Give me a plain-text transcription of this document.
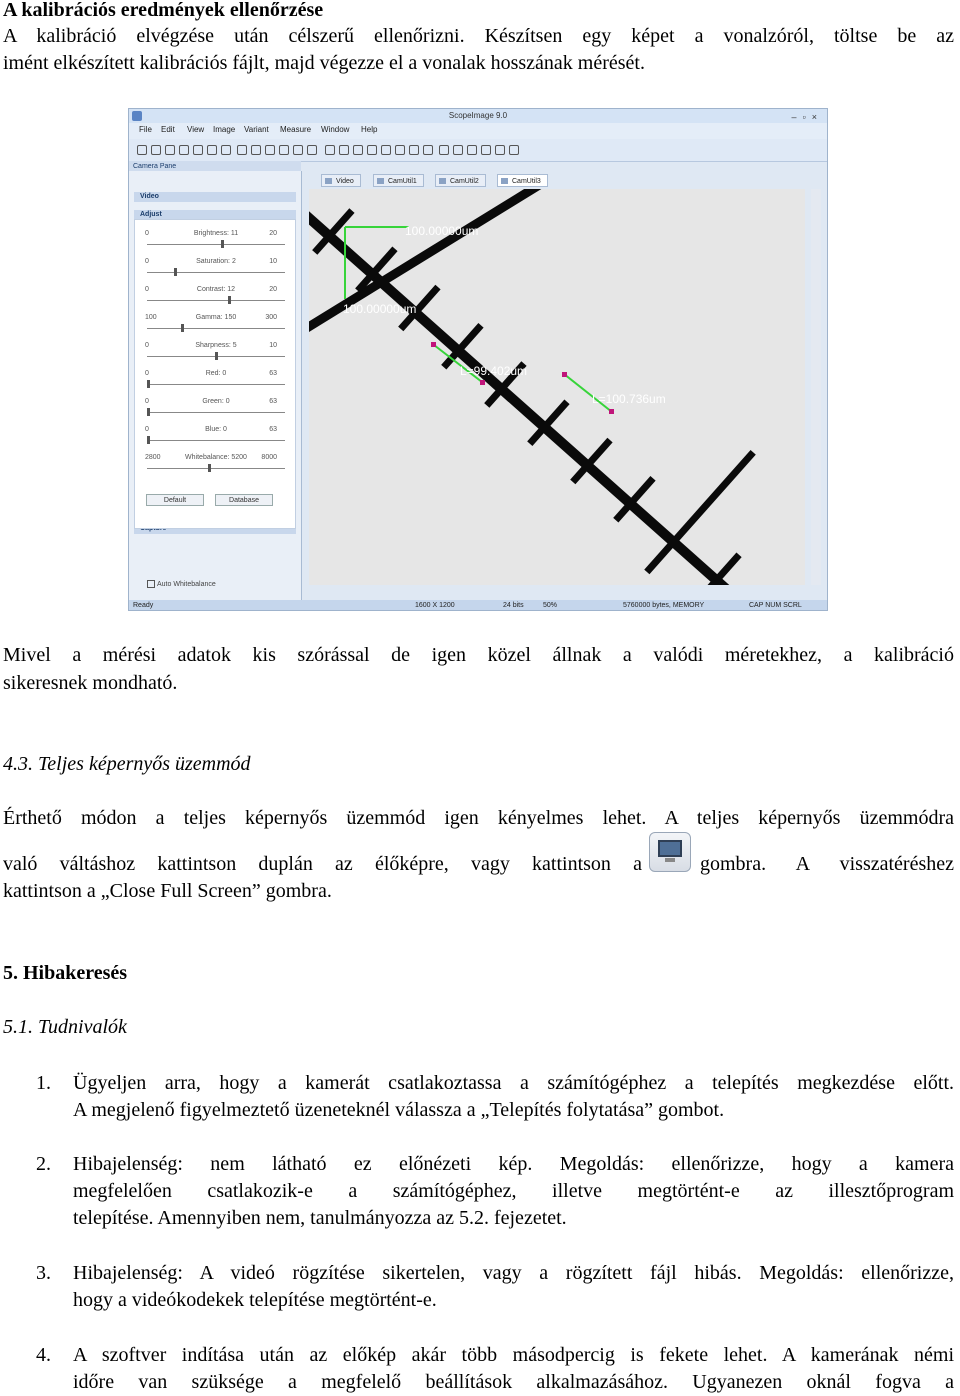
A kalibrációs eredmények ellenőrzése
A kalibráció elvégzése után célszerű ellenőrizni. Készítsen egy képet a vonalzóról, töltse be az
imént elkészített kalibrációs fájlt, majd végezze el a vonalak hosszának mérését.
ScopeImage 9.0	–▫×
File Edit View Image Variant Measure Window Help
Camera Pane
Video
Adjust
Auto Whitebalance
0	Brightness: 11	20
0	Saturation: 2	10
0	Contrast: 12	20
100	Gamma: 150	300
0	Sharpness: 5	10
0	Red: 0	63
0	Green: 0	63
0	Blue: 0	63
2800	Whitebalance: 5200	8000
Default	Database
Video	CamUtil1	CamUtil2	CamUtil3
100.00000um
100.00000um
L=99.402um
L=100.736um
Ready	1600 X 1200	24 bits	50%	5760000 bytes, MEMORY	CAP NUM SCRL
Mivel a mérési adatok kis szórással de igen közel állnak a valódi méretekhez, a kalibráció
sikeresnek mondható.
4.3. Teljes képernyős üzemmód
Érthető módon a teljes képernyős üzemmód igen kényelmes lehet. A teljes képernyős üzemmódra
való váltáshoz kattintson duplán az élőképre, vagy kattintson a	gombra. A visszatéréshez
kattintson a „Close Full Screen” gombra.
5. Hibakeresés
5.1. Tudnivalók
1. Ügyeljen arra, hogy a kamerát csatlakoztassa a számítógéphez a telepítés megkezdése előtt.
A megjelenő figyelmeztető üzeneteknél válassza a „Telepítés folytatása” gombot.
2. Hibajelenség: nem látható ez előnézeti kép. Megoldás: ellenőrizze, hogy a kamera
megfelelően csatlakozik-e a számítógéphez, illetve megtörtént-e az illesztőprogram
telepítése. Amennyiben nem, tanulmányozza az 5.2. fejezetet.
3. Hibajelenség: A videó rögzítése sikertelen, vagy a rögzített fájl hibás. Megoldás: ellenőrizze,
hogy a videókodekek telepítése megtörtént-e.
4. A szoftver indítása után az előkép akár több másodpercig is fekete lehet. A kamerának némi
időre van szüksége a megfelelő beállítások alkalmazásához. Ugyanezen oknál fogva a
